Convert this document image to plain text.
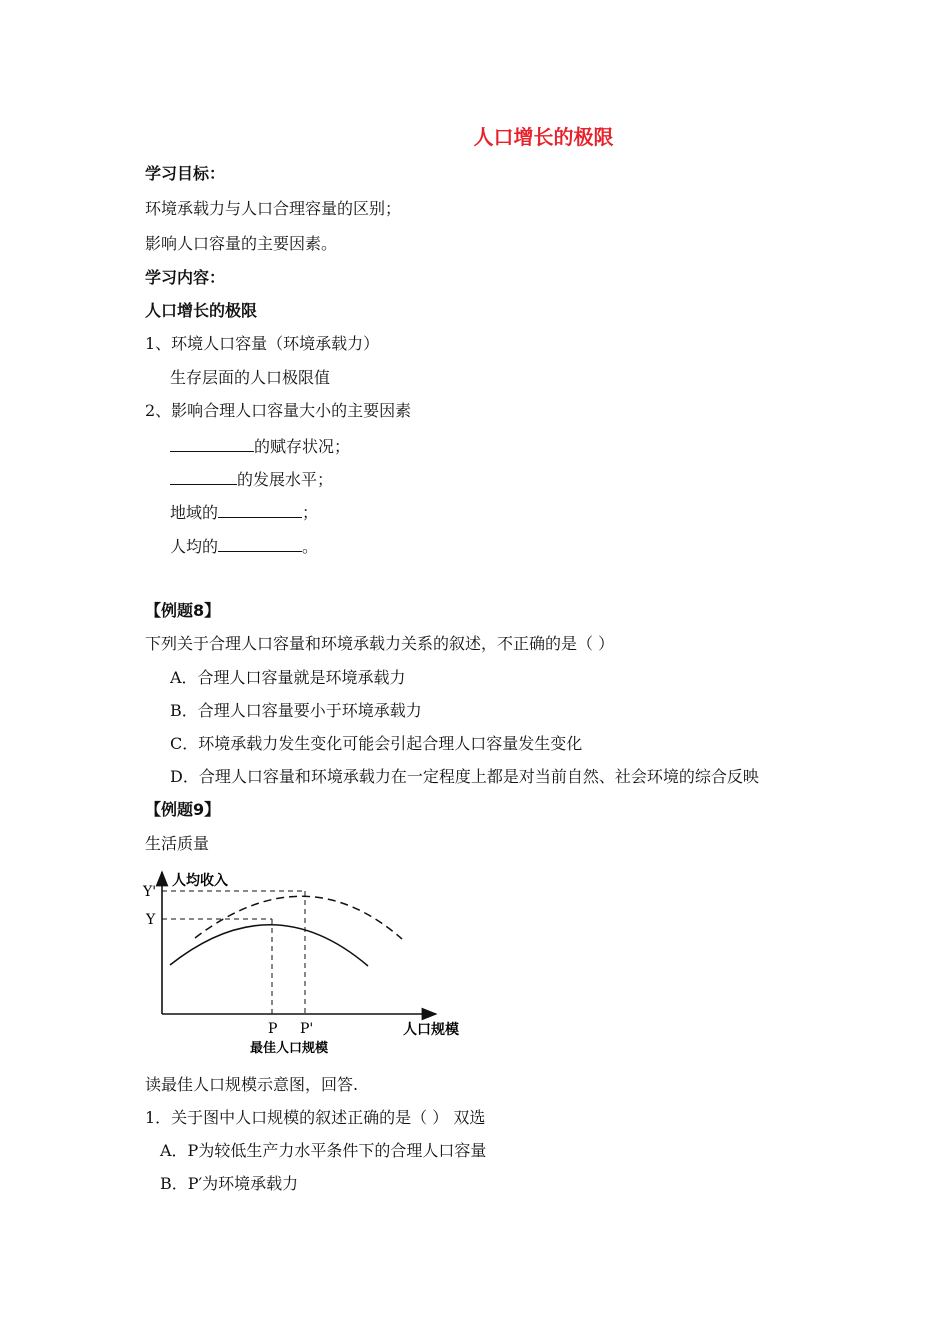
人口增长的极限
学习目标：
环境承载力与人口合理容量的区别；
影响人口容量的主要因素。
学习内容：
人口增长的极限
1、环境人口容量（环境承载力）
生存层面的人口极限值
2、影响合理人口容量大小的主要因素
的赋存状况；
的发展水平；
地域的	；
人均的	。
【例题8】
下列关于合理人口容量和环境承载力关系的叙述，不正确的是（ ）
A．合理人口容量就是环境承载力
B．合理人口容量要小于环境承载力
C．环境承载力发生变化可能会引起合理人口容量发生变化
D．合理人口容量和环境承载力在一定程度上都是对当前自然、社会环境的综合反映
【例题9】
生活质量
人均收入
Y'
Y
P P'	人口规模
最佳人口规模
读最佳人口规模示意图，回答.
1．关于图中人口规模的叙述正确的是（ ） 双选
A．P为较低生产力水平条件下的合理人口容量
B．P′为环境承载力
